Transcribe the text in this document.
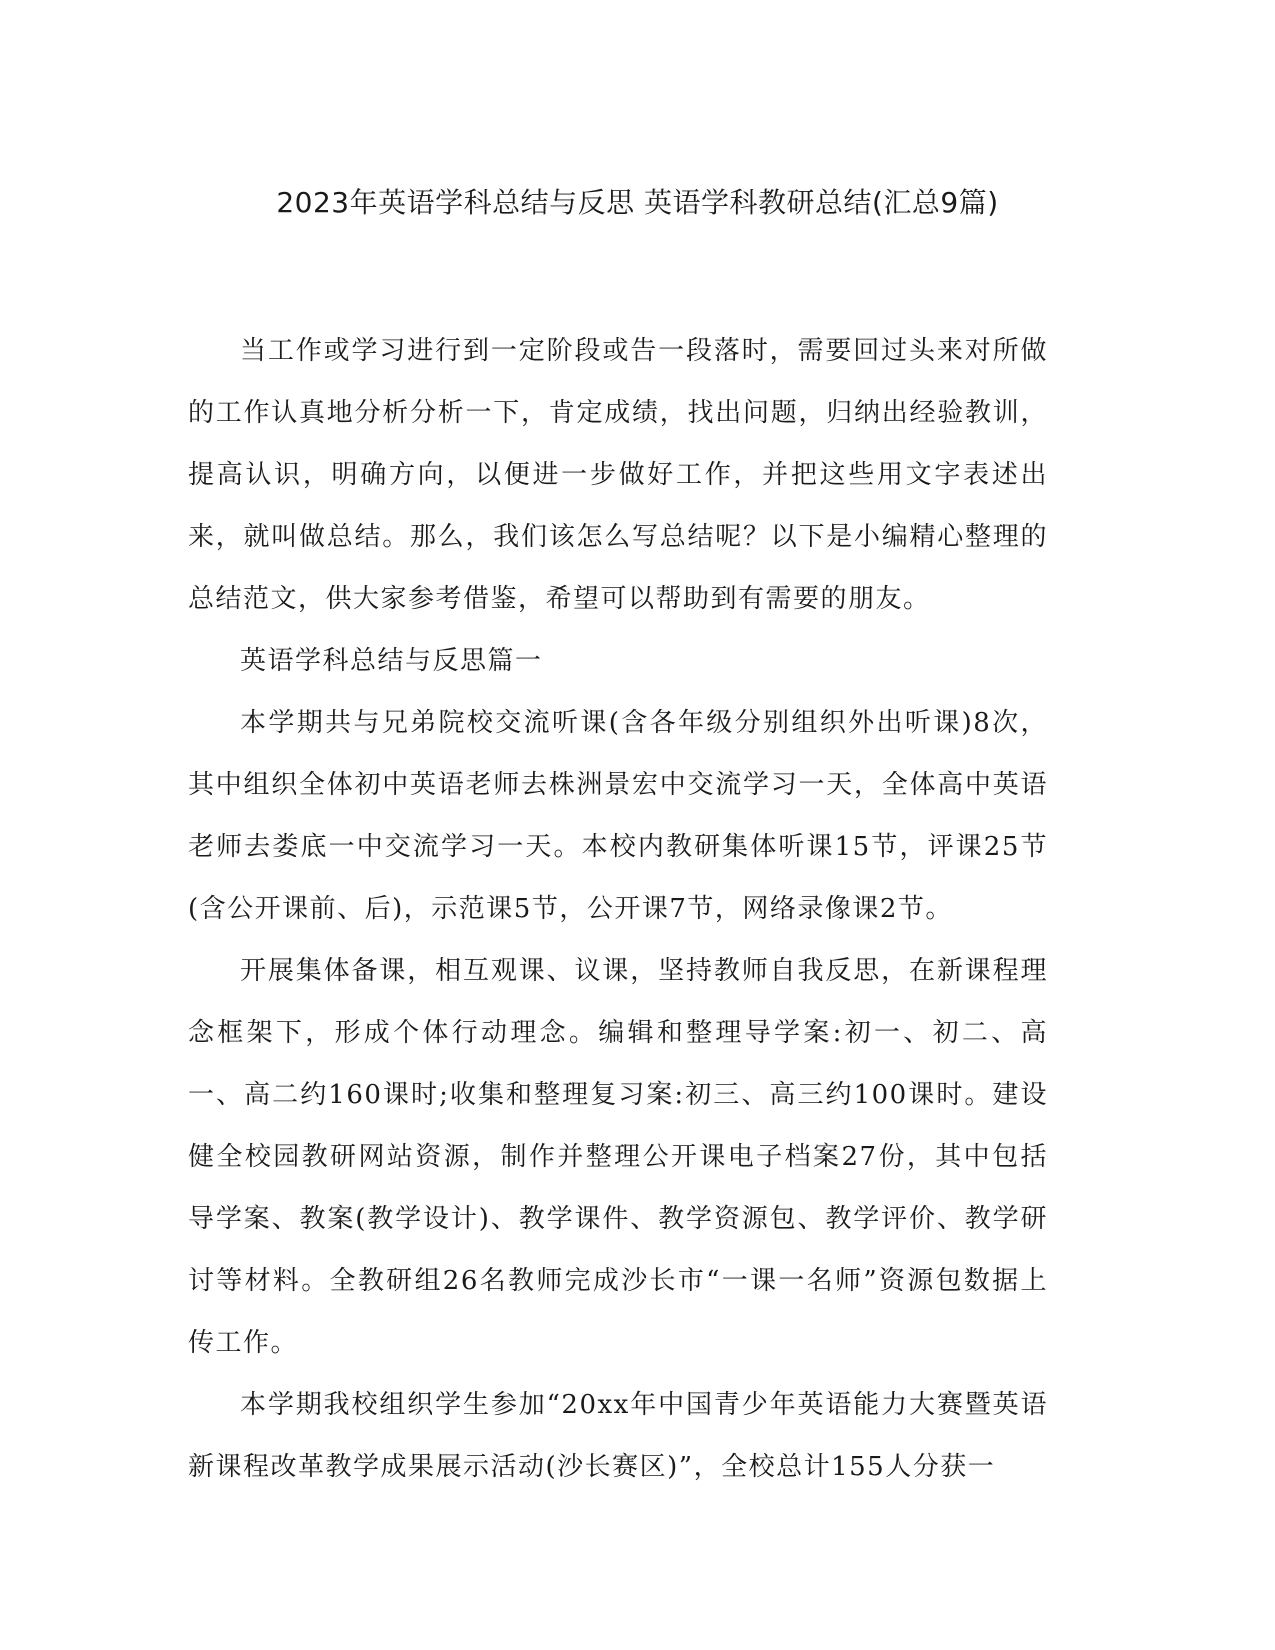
2023年英语学科总结与反思 英语学科教研总结(汇总9篇)

当工作或学习进行到一定阶段或告一段落时，需要回过头来对所做的工作认真地分析分析一下，肯定成绩，找出问题，归纳出经验教训，提高认识，明确方向，以便进一步做好工作，并把这些用文字表述出来，就叫做总结。那么，我们该怎么写总结呢？以下是小编精心整理的总结范文，供大家参考借鉴，希望可以帮助到有需要的朋友。

英语学科总结与反思篇一

本学期共与兄弟院校交流听课(含各年级分别组织外出听课)8次，其中组织全体初中英语老师去株洲景宏中交流学习一天，全体高中英语老师去娄底一中交流学习一天。本校内教研集体听课15节，评课25节(含公开课前、后)，示范课5节，公开课7节，网络录像课2节。

开展集体备课，相互观课、议课，坚持教师自我反思，在新课程理念框架下，形成个体行动理念。编辑和整理导学案:初一、初二、高一、高二约160课时;收集和整理复习案:初三、高三约100课时。建设健全校园教研网站资源，制作并整理公开课电子档案27份，其中包括导学案、教案(教学设计)、教学课件、教学资源包、教学评价、教学研讨等材料。全教研组26名教师完成沙长市“一课一名师”资源包数据上传工作。

本学期我校组织学生参加“20xx年中国青少年英语能力大赛暨英语新课程改革教学成果展示活动(沙长赛区)”，全校总计155人分获一
